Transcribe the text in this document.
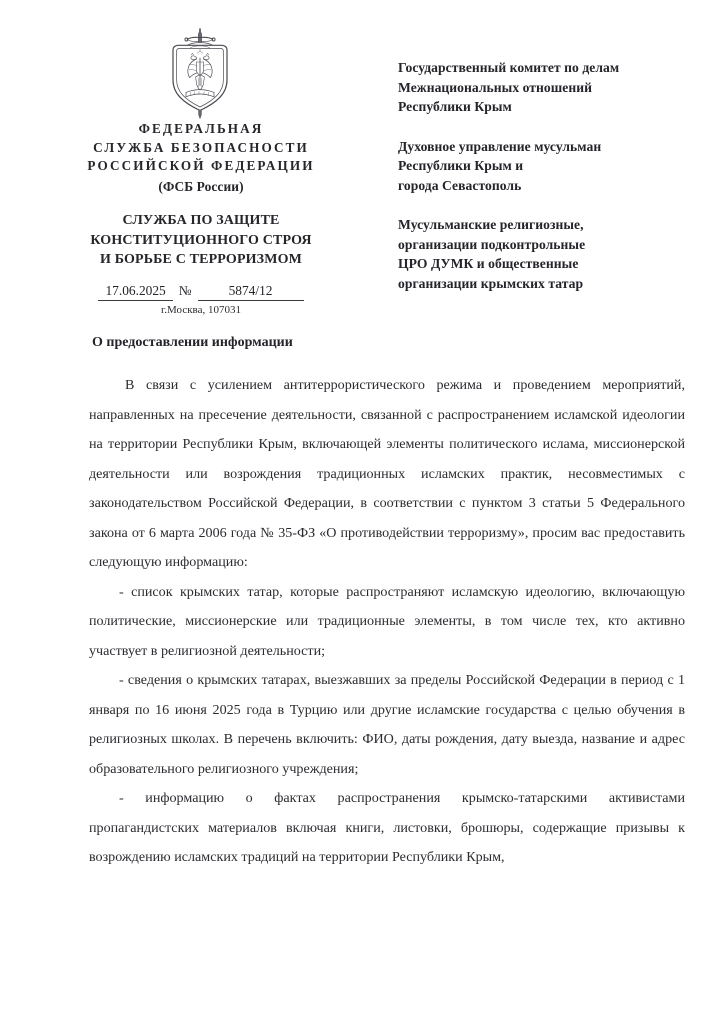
ФЕДЕРАЛЬНАЯ
СЛУЖБА БЕЗОПАСНОСТИ
РОССИЙСКОЙ ФЕДЕРАЦИИ
(ФСБ России)
СЛУЖБА ПО ЗАЩИТЕ
КОНСТИТУЦИОННОГО СТРОЯ
И БОРЬБЕ С ТЕРРОРИЗМОМ
17.06.2025 №	5874/12
г.Москва, 107031
Государственный комитет по делам
Межнациональных отношений
Республики Крым
Духовное управление мусульман
Республики Крым и
города Севастополь
Мусульманские религиозные,
организации подконтрольные
ЦРО ДУМК и общественные
организации крымских татар
О предоставлении информации

В связи с усилением антитеррористического режима и проведением мероприятий, направленных на пресечение деятельности, связанной с распространением исламской идеологии на территории Республики Крым, включающей элементы политического ислама, миссионерской деятельности или возрождения традиционных исламских практик, несовместимых с законодательством Российской Федерации, в соответствии с пунктом 3 статьи 5 Федерального закона от 6 марта 2006 года № 35-ФЗ «О противодействии терроризму», просим вас предоставить следующую информацию:

- список крымских татар, которые распространяют исламскую идеологию, включающую политические, миссионерские или традиционные элементы, в том числе тех, кто активно участвует в религиозной деятельности;

- сведения о крымских татарах, выезжавших за пределы Российской Федерации в период с 1 января по 16 июня 2025 года в Турцию или другие исламские государства с целью обучения в религиозных школах. В перечень включить: ФИО, даты рождения, дату выезда, название и адрес образовательного религиозного учреждения;

- информацию о фактах распространения крымско-татарскими активистами пропагандистских материалов включая книги, листовки, брошюры, содержащие призывы к возрождению исламских традиций на территории Республики Крым,
